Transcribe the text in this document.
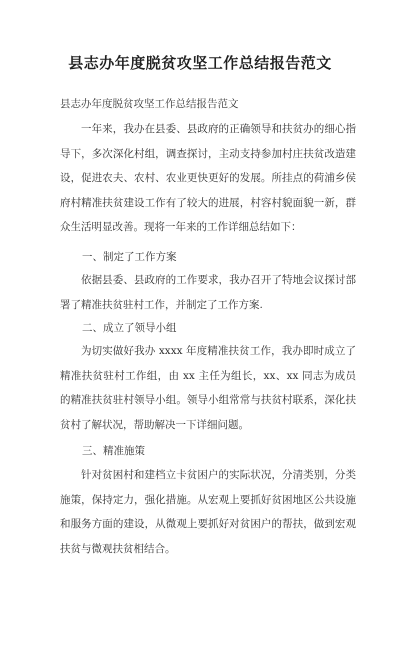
县志办年度脱贫攻坚工作总结报告范文
县志办年度脱贫攻坚工作总结报告范文
一年来，我办在县委、县政府的正确领导和扶贫办的细心指导下，多次深化村组，调查探讨，主动支持参加村庄扶贫改造建设，促进农夫、农村、农业更快更好的发展。所挂点的荷浦乡侯府村精准扶贫建设工作有了较大的进展，村容村貌面貌一新，群众生活明显改善。现将一年来的工作详细总结如下：
一、制定了工作方案
依据县委、县政府的工作要求，我办召开了特地会议探讨部署了精准扶贫驻村工作，并制定了工作方案.
二、成立了领导小组
为切实做好我办 xxxx 年度精准扶贫工作，我办即时成立了精准扶贫驻村工作组，由 xx 主任为组长，xx、xx 同志为成员的精准扶贫驻村领导小组。领导小组常常与扶贫村联系，深化扶贫村了解状况，帮助解决一下详细问题。
三、精准施策
针对贫困村和建档立卡贫困户的实际状况，分清类别，分类施策，保持定力，强化措施。从宏观上要抓好贫困地区公共设施和服务方面的建设，从微观上要抓好对贫困户的帮扶，做到宏观扶贫与微观扶贫相结合。
